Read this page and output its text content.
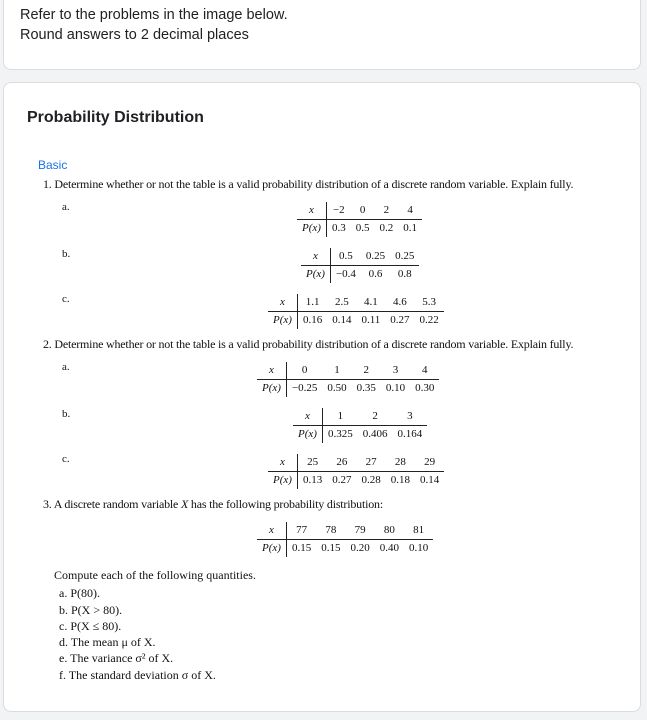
Refer to the problems in the image below.
Round answers to 2 decimal places
Probability Distribution
Basic
1. Determine whether or not the table is a valid probability distribution of a discrete random variable. Explain fully.
a.	x	−2	0	2	4
P(x)	0.3	0.5	0.2	0.1
b.	x	0.5	0.25	0.25
P(x)	−0.4	0.6	0.8
c.	x	1.1	2.5	4.1	4.6	5.3
P(x)	0.16	0.14	0.11	0.27	0.22
2. Determine whether or not the table is a valid probability distribution of a discrete random variable. Explain fully.
a.	x	0	1	2	3	4
P(x)	−0.25	0.50	0.35	0.10	0.30
b.	x	1	2	3
P(x)	0.325	0.406	0.164
c.	x	25	26	27	28	29
P(x)	0.13	0.27	0.28	0.18	0.14
3. A discrete random variable X has the following probability distribution:
x	77	78	79	80	81
P(x)	0.15	0.15	0.20	0.40	0.10
Compute each of the following quantities.
a. P(80).
b. P(X > 80).
c. P(X ≤ 80).
d. The mean μ of X.
e. The variance σ² of X.
f. The standard deviation σ of X.
